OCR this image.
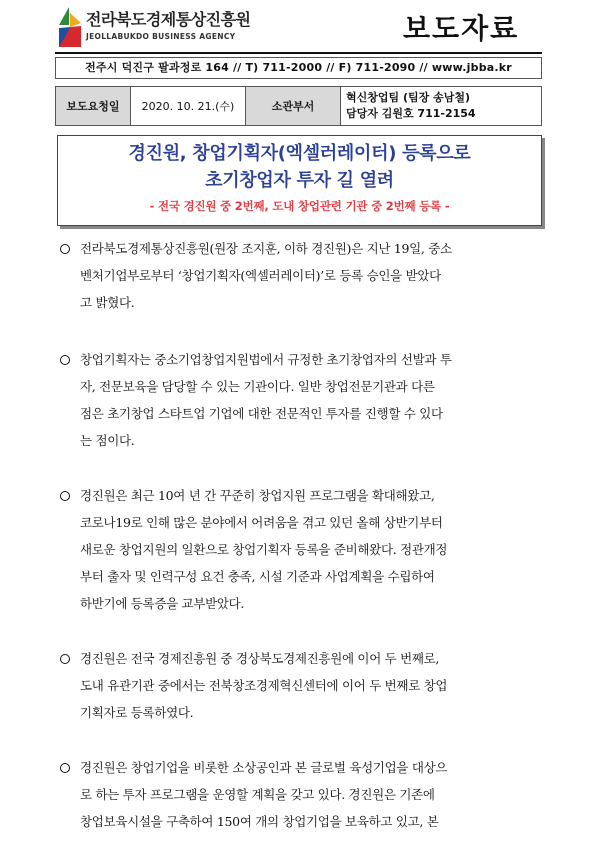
전라북도경제통상진흥원
JEOLLABUKDO BUSINESS AGENCY	보도자료
전주시 덕진구 팔과정로 164 // T) 711-2000 // F) 711-2090 // www.jbba.kr
보도요청일	2020. 10. 21.(수)	소관부서
혁신창업팀 (팀장 송남철)
담당자 김원호 711-2154
경진원, 창업기획자(엑셀러레이터) 등록으로
초기창업자 투자 길 열려
- 전국 경진원 중 2번째, 도내 창업관련 기관 중 2번째 등록 -
전라북도경제통상진흥원(원장 조지훈, 이하 경진원)은 지난 19일, 중소
벤처기업부로부터 ‘창업기획자(엑셀러레이터)’로 등록 승인을 받았다
고 밝혔다.
창업기획자는 중소기업창업지원법에서 규정한 초기창업자의 선발과 투
자, 전문보육을 담당할 수 있는 기관이다. 일반 창업전문기관과 다른
점은 초기창업 스타트업 기업에 대한 전문적인 투자를 진행할 수 있다
는 점이다.
경진원은 최근 10여 년 간 꾸준히 창업지원 프로그램을 확대해왔고,
코로나19로 인해 많은 분야에서 어려움을 겪고 있던 올해 상반기부터
새로운 창업지원의 일환으로 창업기획자 등록을 준비해왔다. 정관개정
부터 출자 및 인력구성 요건 충족, 시설 기준과 사업계획을 수립하여
하반기에 등록증을 교부받았다.
경진원은 전국 경제진흥원 중 경상북도경제진흥원에 이어 두 번째로,
도내 유관기관 중에서는 전북창조경제혁신센터에 이어 두 번째로 창업
기획자로 등록하였다.
경진원은 창업기업을 비롯한 소상공인과 본 글로벌 육성기업을 대상으
로 하는 투자 프로그램을 운영할 계획을 갖고 있다. 경진원은 기존에
창업보육시설을 구축하여 150여 개의 창업기업을 보육하고 있고, 본
